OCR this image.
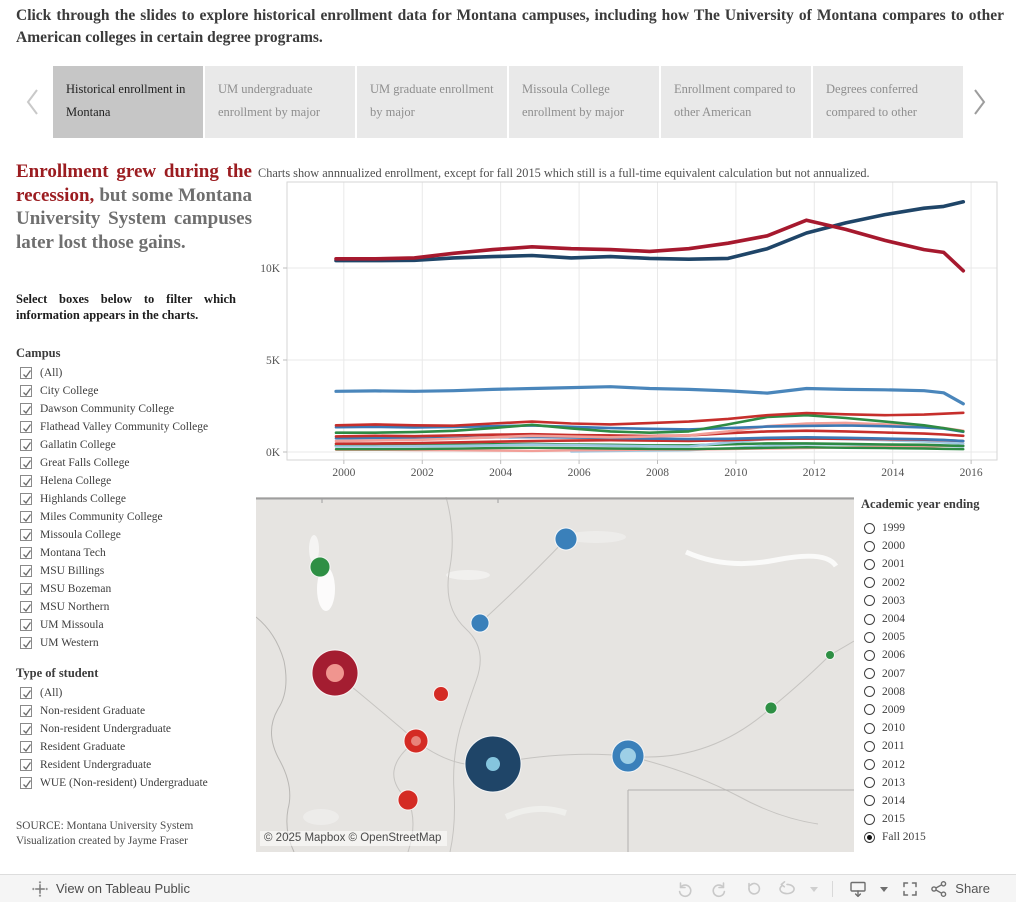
Click through the slides to explore historical enrollment data for Montana campuses, including how The University of Montana compares to other American colleges in certain degree programs.
Historical enrollment in Montana
UM undergraduate enrollment by major
UM graduate enrollment by major
Missoula College enrollment by major
Enrollment compared to other American
Degrees conferred compared to other
Enrollment grew during the recession, but some Montana University System campuses later lost those gains.
Select boxes below to filter which information appears in the charts.
Campus
(All)
City College
Dawson Community College
Flathead Valley Community College
Gallatin College
Great Falls College
Helena College
Highlands College
Miles Community College
Missoula College
Montana Tech
MSU Billings
MSU Bozeman
MSU Northern
UM Missoula
UM Western
Type of student
(All)
Non-resident Graduate
Non-resident Undergraduate
Resident Graduate
Resident Undergraduate
WUE (Non-resident) Undergraduate
SOURCE: Montana University System
Visualization created by Jayme Fraser
Charts show annnualized enrollment, except for fall 2015 which still is a full-time equivalent calculation but not annualized.
0K
5K
10K
2000	2002	2004	2006	2008	2010	2012	2014	2016
© 2025 Mapbox © OpenStreetMap
Academic year ending
1999
2000
2001
2002
2003
2004
2005
2006
2007
2008
2009
2010
2011
2012
2013
2014
2015
Fall 2015
View on Tableau Public	Share
